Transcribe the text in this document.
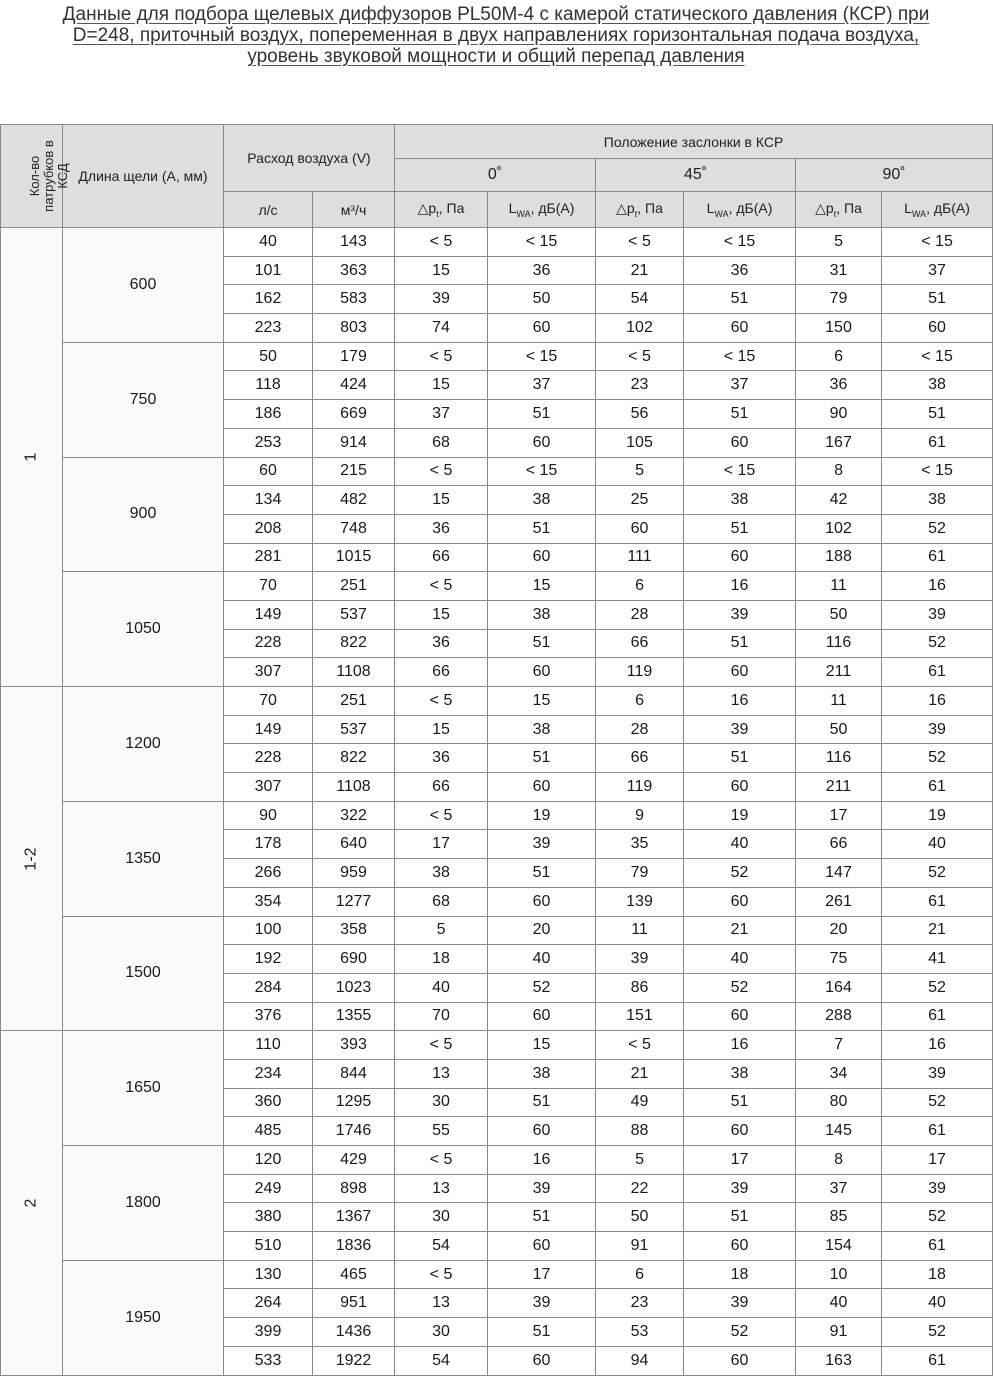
Данные для подбора щелевых диффузоров PL50M-4 с камерой статического давления (КСР) при
D=248, приточный воздух, попеременная в двух направлениях горизонтальная подача воздуха,
уровень звуковой мощности и общий перепад давления
Кол-во патрубков в КСД	Длина щели (А, мм)	Расход воздуха (V)		Положение заслонки в КСР					
				0˚		45˚		90˚	
		л/с	м³/ч	$\triangle p_t$, Па	$L_{WA}$, дБ(А)	$\triangle p_t$, Па	$L_{WA}$, дБ(А)	$\triangle p_t$, Па	$L_{WA}$, дБ(А)
1	600	40	143	< 5	< 15	< 5	< 15	5	< 15
		101	363	15	36	21	36	31	37
		162	583	39	50	54	51	79	51
		223	803	74	60	102	60	150	60
	750	50	179	< 5	< 15	< 5	< 15	6	< 15
		118	424	15	37	23	37	36	38
		186	669	37	51	56	51	90	51
		253	914	68	60	105	60	167	61
	900	60	215	< 5	< 15	5	< 15	8	< 15
		134	482	15	38	25	38	42	38
		208	748	36	51	60	51	102	52
		281	1015	66	60	111	60	188	61
	1050	70	251	< 5	15	6	16	11	16
		149	537	15	38	28	39	50	39
		228	822	36	51	66	51	116	52
		307	1108	66	60	119	60	211	61
1-2	1200	70	251	< 5	15	6	16	11	16
		149	537	15	38	28	39	50	39
		228	822	36	51	66	51	116	52
		307	1108	66	60	119	60	211	61
	1350	90	322	< 5	19	9	19	17	19
		178	640	17	39	35	40	66	40
		266	959	38	51	79	52	147	52
		354	1277	68	60	139	60	261	61
	1500	100	358	5	20	11	21	20	21
		192	690	18	40	39	40	75	41
		284	1023	40	52	86	52	164	52
		376	1355	70	60	151	60	288	61
2	1650	110	393	< 5	15	< 5	16	7	16
		234	844	13	38	21	38	34	39
		360	1295	30	51	49	51	80	52
		485	1746	55	60	88	60	145	61
	1800	120	429	< 5	16	5	17	8	17
		249	898	13	39	22	39	37	39
		380	1367	30	51	50	51	85	52
		510	1836	54	60	91	60	154	61
	1950	130	465	< 5	17	6	18	10	18
		264	951	13	39	23	39	40	40
		399	1436	30	51	53	52	91	52
		533	1922	54	60	94	60	163	61
